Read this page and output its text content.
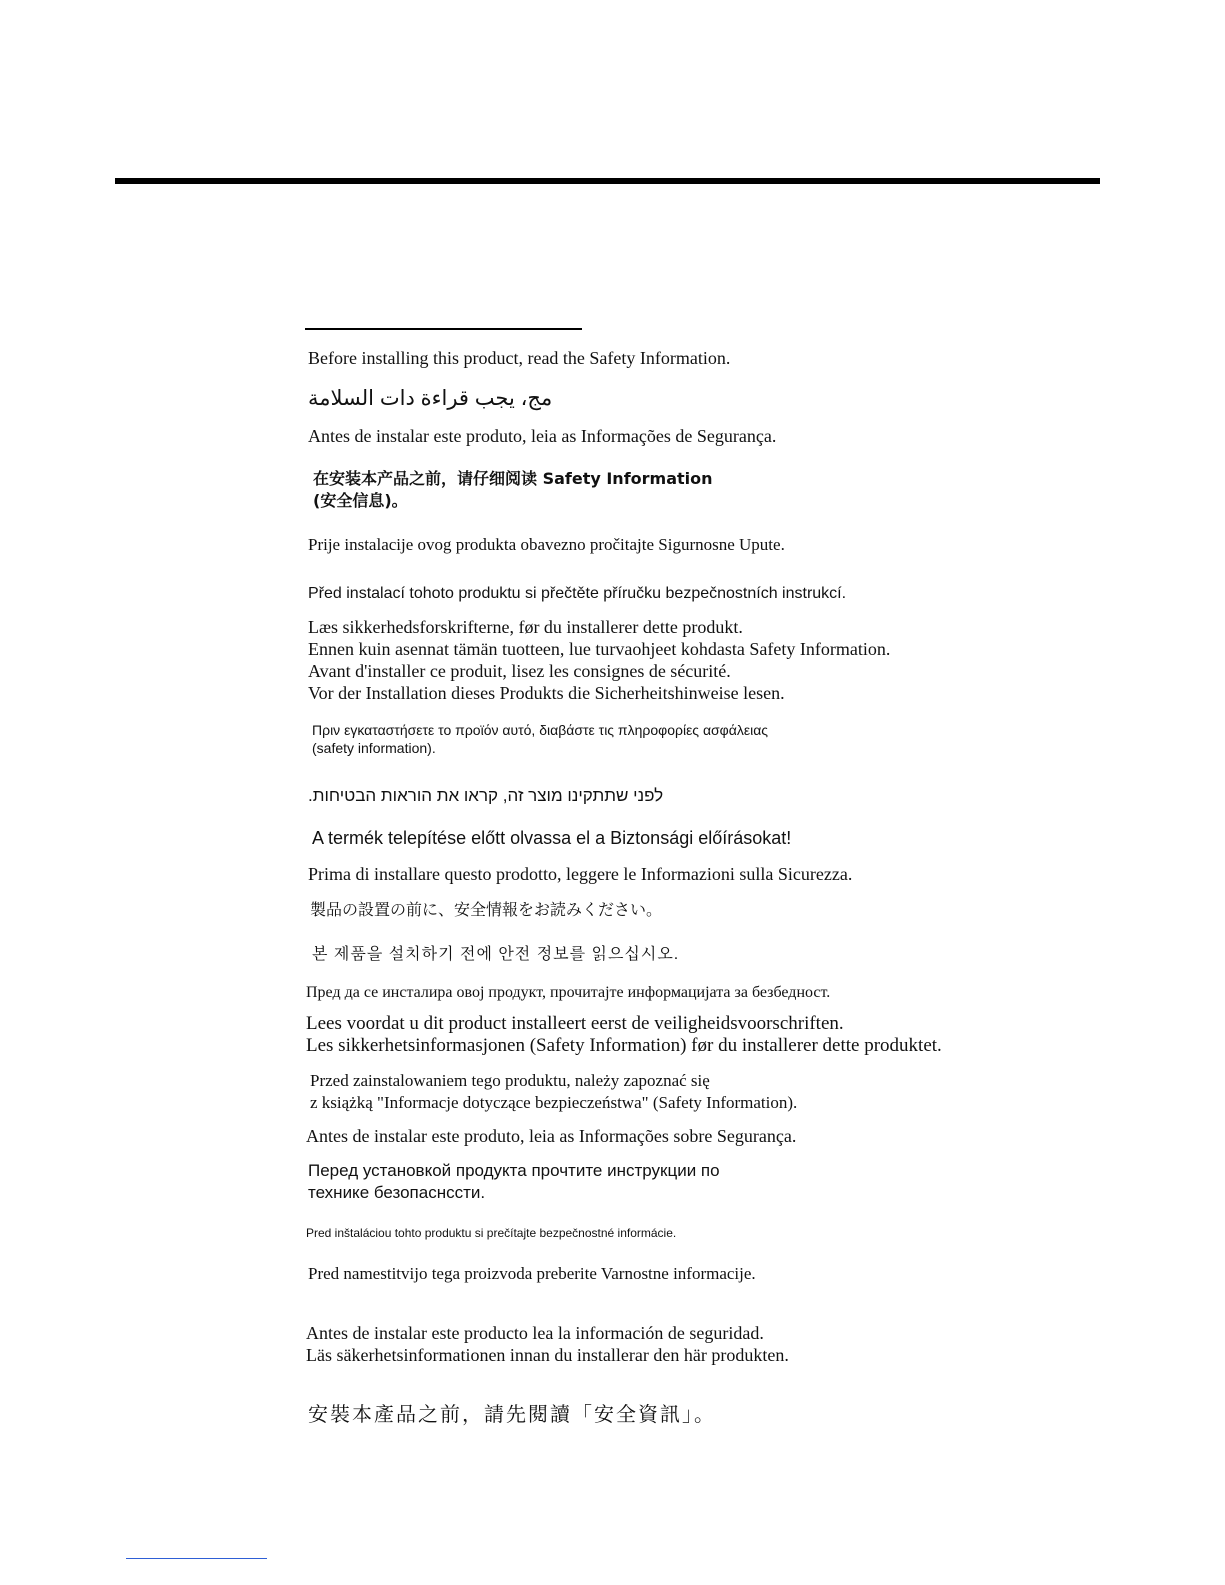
Before installing this product, read the Safety Information.

مج، يجب قراءة دات السلامة

Antes de instalar este produto, leia as Informações de Segurança.

在安装本产品之前，请仔细阅读 Safety Information
(安全信息)。

Prije instalacije ovog produkta obavezno pročitajte Sigurnosne Upute.

Před instalací tohoto produktu si přečtěte příručku bezpečnostních instrukcí.

Læs sikkerhedsforskrifterne, før du installerer dette produkt.
Ennen kuin asennat tämän tuotteen, lue turvaohjeet kohdasta Safety Information.
Avant d'installer ce produit, lisez les consignes de sécurité.
Vor der Installation dieses Produkts die Sicherheitshinweise lesen.
Πριν εγκαταστήσετε το προϊόν αυτό, διαβάστε τις πληροφορίες ασφάλειας
(safety information).

לפני שתתקינו מוצר זה, קראו את הוראות הבטיחות.

A termék telepítése előtt olvassa el a Biztonsági előírásokat!

Prima di installare questo prodotto, leggere le Informazioni sulla Sicurezza.

製品の設置の前に、安全情報をお読みください。

본 제품을 설치하기 전에 안전 정보를 읽으십시오.

Пред да се инсталира овој продукт, прочитајте информацијата за безбедност.

Lees voordat u dit product installeert eerst de veiligheidsvoorschriften.
Les sikkerhetsinformasjonen (Safety Information) før du installerer dette produktet.
Przed zainstalowaniem tego produktu, należy zapoznać się
z książką "Informacje dotyczące bezpieczeństwa" (Safety Information).

Antes de instalar este produto, leia as Informações sobre Segurança.

Перед установкой продукта прочтите инструкции по
технике безопаснсcти.

Pred inštaláciou tohto produktu si prečítajte bezpečnostné informácie.

Pred namestitvijo tega proizvoda preberite Varnostne informacije.

Antes de instalar este producto lea la información de seguridad.
Läs säkerhetsinformationen innan du installerar den här produkten.

安裝本產品之前，請先閱讀「安全資訊」。
